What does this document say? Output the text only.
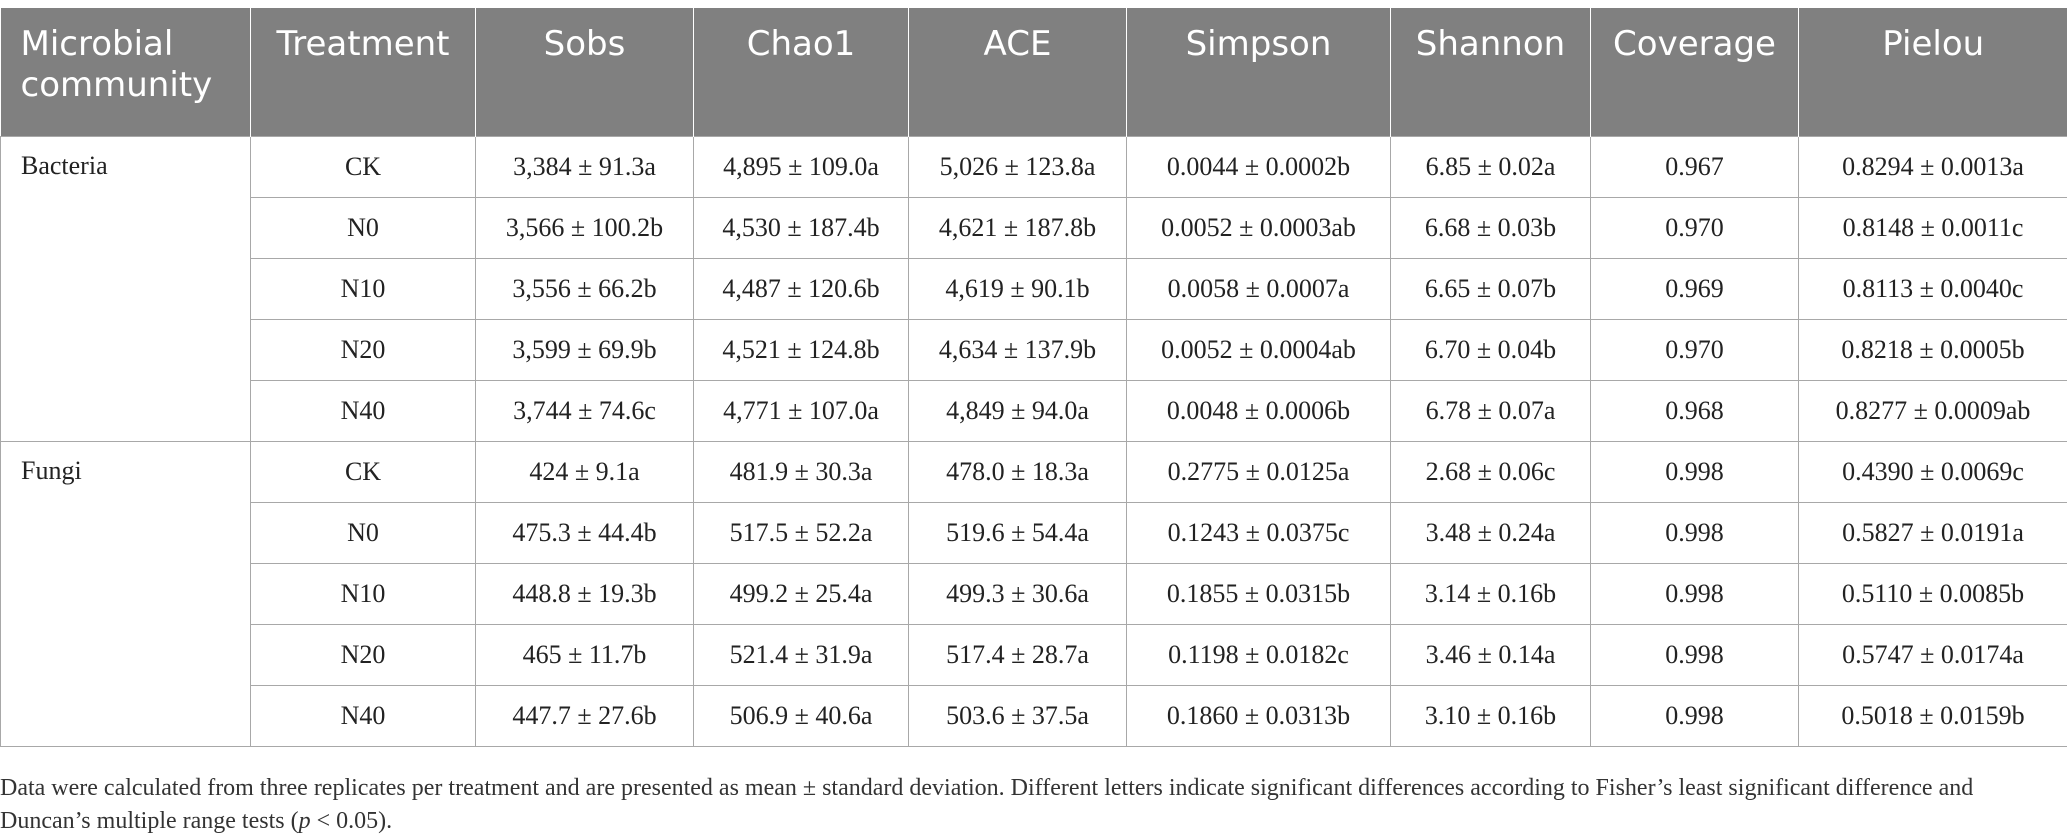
Microbial community	Treatment	Sobs	Chao1	ACE	Simpson	Shannon	Coverage	Pielou
Bacteria	CK	3,384 ± 91.3a	4,895 ± 109.0a	5,026 ± 123.8a	0.0044 ± 0.0002b	6.85 ± 0.02a	0.967	0.8294 ± 0.0013a
	N0	3,566 ± 100.2b	4,530 ± 187.4b	4,621 ± 187.8b	0.0052 ± 0.0003ab	6.68 ± 0.03b	0.970	0.8148 ± 0.0011c
	N10	3,556 ± 66.2b	4,487 ± 120.6b	4,619 ± 90.1b	0.0058 ± 0.0007a	6.65 ± 0.07b	0.969	0.8113 ± 0.0040c
	N20	3,599 ± 69.9b	4,521 ± 124.8b	4,634 ± 137.9b	0.0052 ± 0.0004ab	6.70 ± 0.04b	0.970	0.8218 ± 0.0005b
	N40	3,744 ± 74.6c	4,771 ± 107.0a	4,849 ± 94.0a	0.0048 ± 0.0006b	6.78 ± 0.07a	0.968	0.8277 ± 0.0009ab
Fungi	CK	424 ± 9.1a	481.9 ± 30.3a	478.0 ± 18.3a	0.2775 ± 0.0125a	2.68 ± 0.06c	0.998	0.4390 ± 0.0069c
	N0	475.3 ± 44.4b	517.5 ± 52.2a	519.6 ± 54.4a	0.1243 ± 0.0375c	3.48 ± 0.24a	0.998	0.5827 ± 0.0191a
	N10	448.8 ± 19.3b	499.2 ± 25.4a	499.3 ± 30.6a	0.1855 ± 0.0315b	3.14 ± 0.16b	0.998	0.5110 ± 0.0085b
	N20	465 ± 11.7b	521.4 ± 31.9a	517.4 ± 28.7a	0.1198 ± 0.0182c	3.46 ± 0.14a	0.998	0.5747 ± 0.0174a
	N40	447.7 ± 27.6b	506.9 ± 40.6a	503.6 ± 37.5a	0.1860 ± 0.0313b	3.10 ± 0.16b	0.998	0.5018 ± 0.0159b

Data were calculated from three replicates per treatment and are presented as mean ± standard deviation. Different letters indicate significant differences according to Fisher’s least significant difference and Duncan’s multiple range tests (p < 0.05).
